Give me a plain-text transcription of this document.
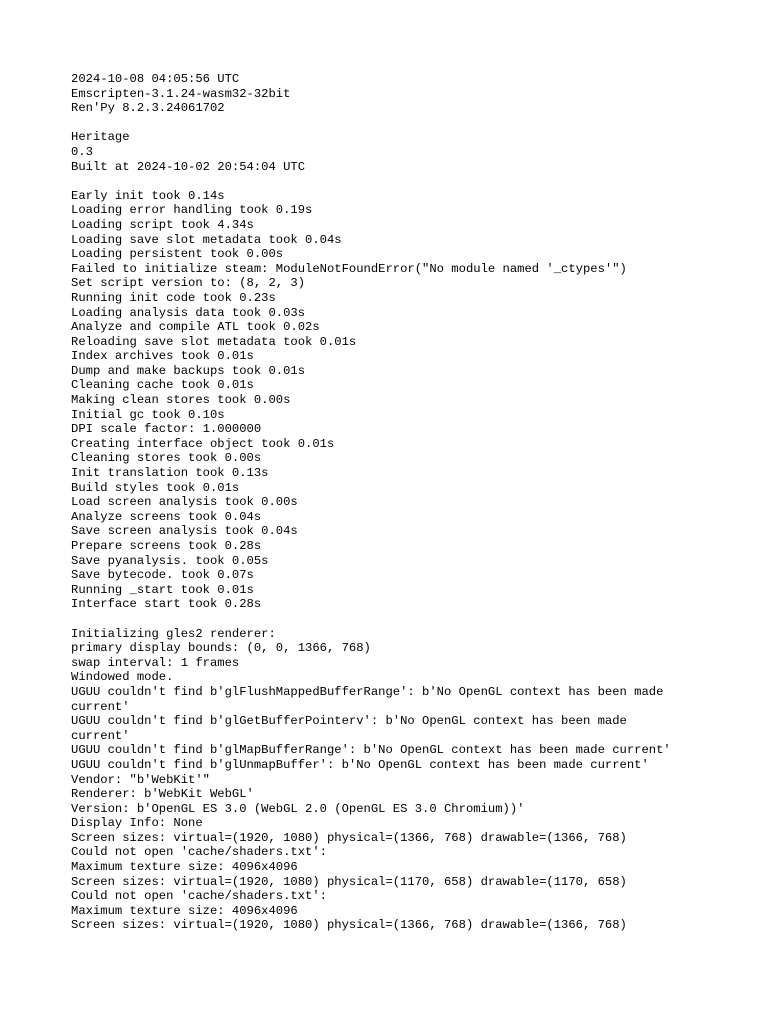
2024-10-08 04:05:56 UTC
Emscripten-3.1.24-wasm32-32bit
Ren'Py 8.2.3.24061702
Heritage
0.3
Built at 2024-10-02 20:54:04 UTC
Early init took 0.14s
Loading error handling took 0.19s
Loading script took 4.34s
Loading save slot metadata took 0.04s
Loading persistent took 0.00s
Failed to initialize steam: ModuleNotFoundError("No module named '_ctypes'")
Set script version to: (8, 2, 3)
Running init code took 0.23s
Loading analysis data took 0.03s
Analyze and compile ATL took 0.02s
Reloading save slot metadata took 0.01s
Index archives took 0.01s
Dump and make backups took 0.01s
Cleaning cache took 0.01s
Making clean stores took 0.00s
Initial gc took 0.10s
DPI scale factor: 1.000000
Creating interface object took 0.01s
Cleaning stores took 0.00s
Init translation took 0.13s
Build styles took 0.01s
Load screen analysis took 0.00s
Analyze screens took 0.04s
Save screen analysis took 0.04s
Prepare screens took 0.28s
Save pyanalysis. took 0.05s
Save bytecode. took 0.07s
Running _start took 0.01s
Interface start took 0.28s
Initializing gles2 renderer:
primary display bounds: (0, 0, 1366, 768)
swap interval: 1 frames
Windowed mode.
UGUU couldn't find b'glFlushMappedBufferRange': b'No OpenGL context has been made
current'
UGUU couldn't find b'glGetBufferPointerv': b'No OpenGL context has been made
current'
UGUU couldn't find b'glMapBufferRange': b'No OpenGL context has been made current'
UGUU couldn't find b'glUnmapBuffer': b'No OpenGL context has been made current'
Vendor: "b'WebKit'"
Renderer: b'WebKit WebGL'
Version: b'OpenGL ES 3.0 (WebGL 2.0 (OpenGL ES 3.0 Chromium))'
Display Info: None
Screen sizes: virtual=(1920, 1080) physical=(1366, 768) drawable=(1366, 768)
Could not open 'cache/shaders.txt':
Maximum texture size: 4096x4096
Screen sizes: virtual=(1920, 1080) physical=(1170, 658) drawable=(1170, 658)
Could not open 'cache/shaders.txt':
Maximum texture size: 4096x4096
Screen sizes: virtual=(1920, 1080) physical=(1366, 768) drawable=(1366, 768)
